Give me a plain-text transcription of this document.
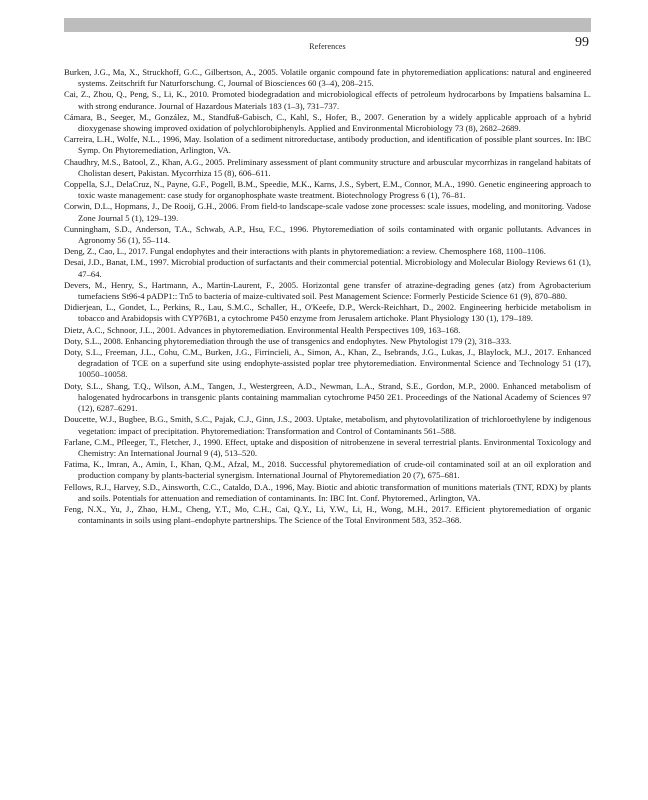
References	99

Burken, J.G., Ma, X., Struckhoff, G.C., Gilbertson, A., 2005. Volatile organic compound fate in phytoremediation applications: natural and engineered systems. Zeitschrift fur Naturforschung. C, Journal of Biosciences 60 (3–4), 208–215.

Cai, Z., Zhou, Q., Peng, S., Li, K., 2010. Promoted biodegradation and microbiological effects of petroleum hydrocarbons by Impatiens balsamina L. with strong endurance. Journal of Hazardous Materials 183 (1–3), 731–737.

Cámara, B., Seeger, M., González, M., Standfuß-Gabisch, C., Kahl, S., Hofer, B., 2007. Generation by a widely applicable approach of a hybrid dioxygenase showing improved oxidation of polychlorobiphenyls. Applied and Environmental Microbiology 73 (8), 2682–2689.

Carreira, L.H., Wolfe, N.L., 1996, May. Isolation of a sediment nitroreductase, antibody production, and identification of possible plant sources. In: IBC Symp. On Phytoremediation, Arlington, VA.

Chaudhry, M.S., Batool, Z., Khan, A.G., 2005. Preliminary assessment of plant community structure and arbuscular mycorrhizas in rangeland habitats of Cholistan desert, Pakistan. Mycorrhiza 15 (8), 606–611.

Coppella, S.J., DelaCruz, N., Payne, G.F., Pogell, B.M., Speedie, M.K., Karns, J.S., Sybert, E.M., Connor, M.A., 1990. Genetic engineering approach to toxic waste management: case study for organophosphate waste treatment. Biotechnology Progress 6 (1), 76–81.

Corwin, D.L., Hopmans, J., De Rooij, G.H., 2006. From field-to landscape-scale vadose zone processes: scale issues, modeling, and monitoring. Vadose Zone Journal 5 (1), 129–139.

Cunningham, S.D., Anderson, T.A., Schwab, A.P., Hsu, F.C., 1996. Phytoremediation of soils contaminated with organic pollutants. Advances in Agronomy 56 (1), 55–114.

Deng, Z., Cao, L., 2017. Fungal endophytes and their interactions with plants in phytoremediation: a review. Chemosphere 168, 1100–1106.

Desai, J.D., Banat, I.M., 1997. Microbial production of surfactants and their commercial potential. Microbiology and Molecular Biology Reviews 61 (1), 47–64.

Devers, M., Henry, S., Hartmann, A., Martin-Laurent, F., 2005. Horizontal gene transfer of atrazine-degrading genes (atz) from Agrobacterium tumefaciens St96-4 pADP1:: Tn5 to bacteria of maize-cultivated soil. Pest Management Science: Formerly Pesticide Science 61 (9), 870–880.

Didierjean, L., Gondet, L., Perkins, R., Lau, S.M.C., Schaller, H., O'Keefe, D.P., Werck-Reichhart, D., 2002. Engineering herbicide metabolism in tobacco and Arabidopsis with CYP76B1, a cytochrome P450 enzyme from Jerusalem artichoke. Plant Physiology 130 (1), 179–189.

Dietz, A.C., Schnoor, J.L., 2001. Advances in phytoremediation. Environmental Health Perspectives 109, 163–168.

Doty, S.L., 2008. Enhancing phytoremediation through the use of transgenics and endophytes. New Phytologist 179 (2), 318–333.

Doty, S.L., Freeman, J.L., Cohu, C.M., Burken, J.G., Firrincieli, A., Simon, A., Khan, Z., Isebrands, J.G., Lukas, J., Blaylock, M.J., 2017. Enhanced degradation of TCE on a superfund site using endophyte-assisted poplar tree phytoremediation. Environmental Science and Technology 51 (17), 10050–10058.

Doty, S.L., Shang, T.Q., Wilson, A.M., Tangen, J., Westergreen, A.D., Newman, L.A., Strand, S.E., Gordon, M.P., 2000. Enhanced metabolism of halogenated hydrocarbons in transgenic plants containing mammalian cytochrome P450 2E1. Proceedings of the National Academy of Sciences 97 (12), 6287–6291.

Doucette, W.J., Bugbee, B.G., Smith, S.C., Pajak, C.J., Ginn, J.S., 2003. Uptake, metabolism, and phytovolatilization of trichloroethylene by indigenous vegetation: impact of precipitation. Phytoremediation: Transformation and Control of Contaminants 561–588.

Farlane, C.M., Pfleeger, T., Fletcher, J., 1990. Effect, uptake and disposition of nitrobenzene in several terrestrial plants. Environmental Toxicology and Chemistry: An International Journal 9 (4), 513–520.

Fatima, K., Imran, A., Amin, I., Khan, Q.M., Afzal, M., 2018. Successful phytoremediation of crude-oil contaminated soil at an oil exploration and production company by plants-bacterial synergism. International Journal of Phytoremediation 20 (7), 675–681.

Fellows, R.J., Harvey, S.D., Ainsworth, C.C., Cataldo, D.A., 1996, May. Biotic and abiotic transformation of munitions materials (TNT, RDX) by plants and soils. Potentials for attenuation and remediation of contaminants. In: IBC Int. Conf. Phytoremed., Arlington, VA.

Feng, N.X., Yu, J., Zhao, H.M., Cheng, Y.T., Mo, C.H., Cai, Q.Y., Li, Y.W., Li, H., Wong, M.H., 2017. Efficient phytoremediation of organic contaminants in soils using plant–endophyte partnerships. The Science of the Total Environment 583, 352–368.
